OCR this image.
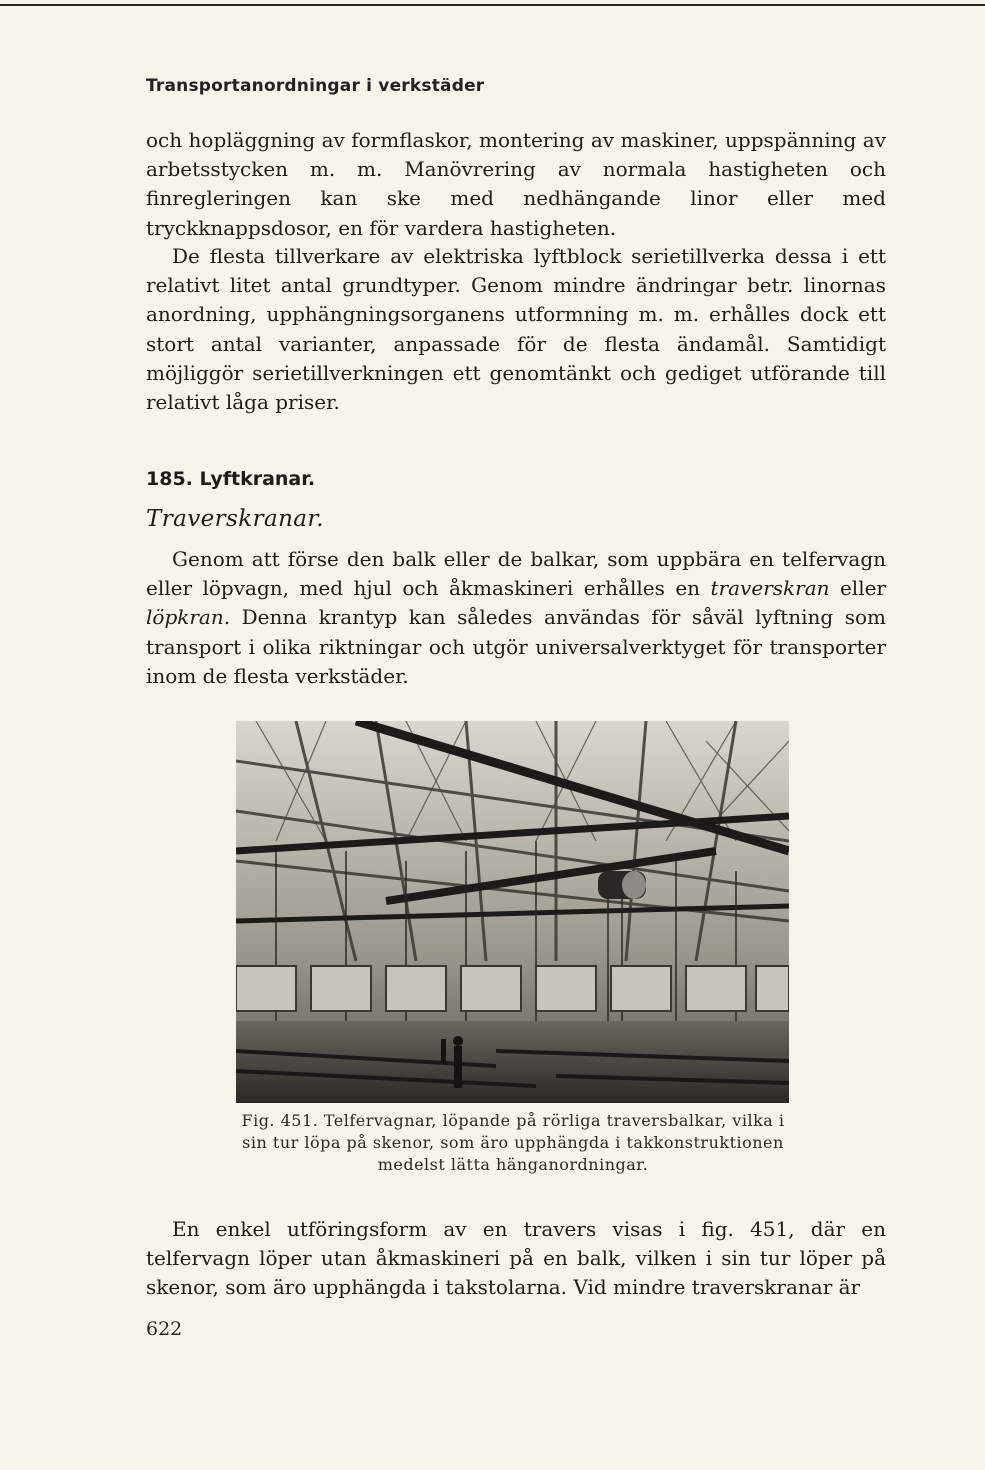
Transportanordningar i verkstäder

och hopläggning av formflaskor, montering av maskiner, uppspänning av arbetsstycken m. m. Manövrering av normala hastigheten och finregleringen kan ske med nedhängande linor eller med tryckknappsdosor, en för vardera hastigheten.

De flesta tillverkare av elektriska lyftblock serietillverka dessa i ett relativt litet antal grundtyper. Genom mindre ändringar betr. linornas anordning, upphängningsorganens utformning m. m. erhålles dock ett stort antal varianter, anpassade för de flesta ändamål. Samtidigt möjliggör serietillverkningen ett genomtänkt och gediget utförande till relativt låga priser.

185. Lyftkranar.
Traverskranar.

Genom att förse den balk eller de balkar, som uppbära en telfervagn eller löpvagn, med hjul och åkmaskineri erhålles en traverskran eller löpkran. Denna krantyp kan således användas för såväl lyftning som transport i olika riktningar och utgör universalverktyget för transporter inom de flesta verkstäder.

Fig. 451. Telfervagnar, löpande på rörliga traversbalkar, vilka i sin tur löpa på skenor, som äro upphängda i takkonstruktionen medelst lätta hänganordningar.

En enkel utföringsform av en travers visas i fig. 451, där en telfervagn löper utan åkmaskineri på en balk, vilken i sin tur löper på skenor, som äro upphängda i takstolarna. Vid mindre traverskranar är

622
